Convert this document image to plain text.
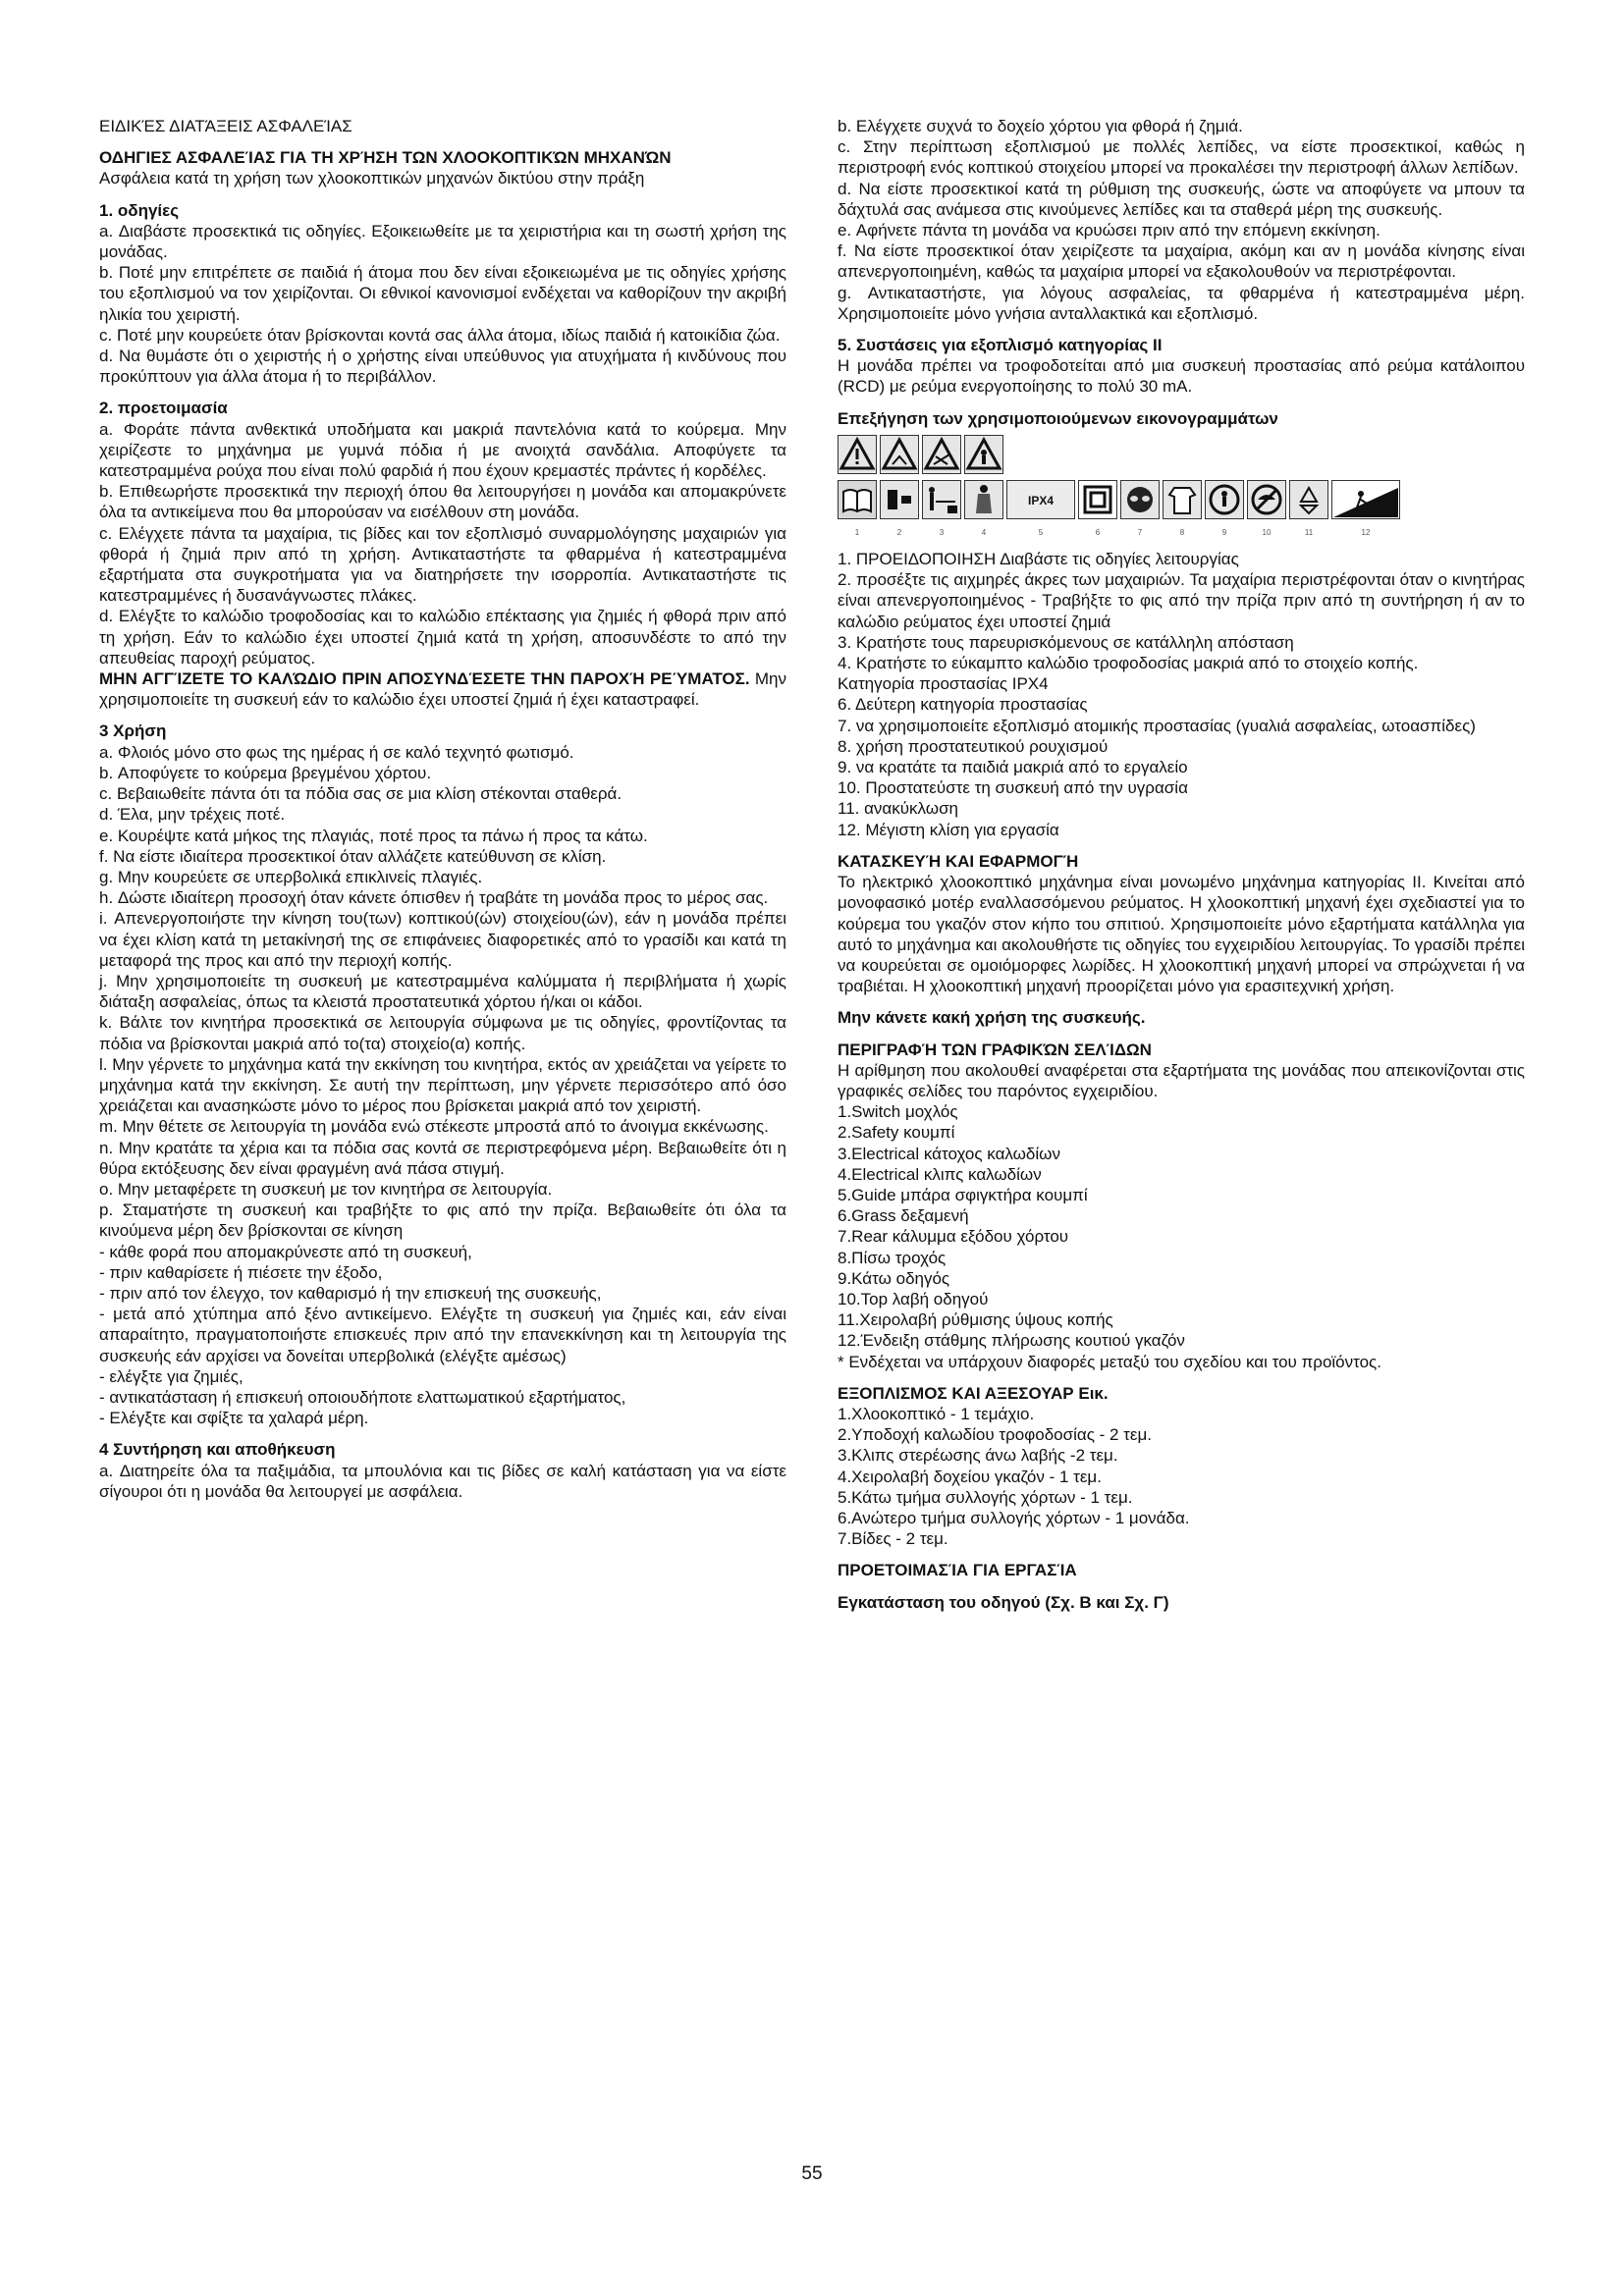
ΕΙΔΙΚΈΣ ΔΙΑΤΆΞΕΙΣ ΑΣΦΑΛΕΊΑΣ

ΟΔΗΓΙΕΣ ΑΣΦΑΛΕΊΑΣ ΓΙΑ ΤΗ ΧΡΉΣΗ ΤΩΝ ΧΛΟΟΚΟΠΤΙΚΏΝ ΜΗΧΑΝΏΝ

Ασφάλεια κατά τη χρήση των χλοοκοπτικών μηχανών δικτύου στην πράξη

1. οδηγίες

a. Διαβάστε προσεκτικά τις οδηγίες. Εξοικειωθείτε με τα χειριστήρια και τη σωστή χρήση της μονάδας.

b. Ποτέ μην επιτρέπετε σε παιδιά ή άτομα που δεν είναι εξοικειωμένα με τις οδηγίες χρήσης του εξοπλισμού να τον χειρίζονται. Οι εθνικοί κανονισμοί ενδέχεται να καθορίζουν την ακριβή ηλικία του χειριστή.

c. Ποτέ μην κουρεύετε όταν βρίσκονται κοντά σας άλλα άτομα, ιδίως παιδιά ή κατοικίδια ζώα.

d. Να θυμάστε ότι ο χειριστής ή ο χρήστης είναι υπεύθυνος για ατυχήματα ή κινδύνους που προκύπτουν για άλλα άτομα ή το περιβάλλον.

2. προετοιμασία

a. Φοράτε πάντα ανθεκτικά υποδήματα και μακριά παντελόνια κατά το κούρεμα. Μην χειρίζεστε το μηχάνημα με γυμνά πόδια ή με ανοιχτά σανδάλια. Αποφύγετε τα κατεστραμμένα ρούχα που είναι πολύ φαρδιά ή που έχουν κρεμαστές πράντες ή κορδέλες.

b. Επιθεωρήστε προσεκτικά την περιοχή όπου θα λειτουργήσει η μονάδα και απομακρύνετε όλα τα αντικείμενα που θα μπορούσαν να εισέλθουν στη μονάδα.

c. Ελέγχετε πάντα τα μαχαίρια, τις βίδες και τον εξοπλισμό συναρμολόγησης μαχαιριών για φθορά ή ζημιά πριν από τη χρήση. Αντικαταστήστε τα φθαρμένα ή κατεστραμμένα εξαρτήματα στα συγκροτήματα για να διατηρήσετε την ισορροπία. Αντικαταστήστε τις κατεστραμμένες ή δυσανάγνωστες πλάκες.

d. Ελέγξτε το καλώδιο τροφοδοσίας και το καλώδιο επέκτασης για ζημιές ή φθορά πριν από τη χρήση. Εάν το καλώδιο έχει υποστεί ζημιά κατά τη χρήση, αποσυνδέστε το από την απευθείας παροχή ρεύματος.

ΜΗΝ ΑΓΓΊΖΕΤΕ ΤΟ ΚΑΛΏΔΙΟ ΠΡΙΝ ΑΠΟΣΥΝΔΈΣΕΤΕ ΤΗΝ ΠΑΡΟΧΉ ΡΕΎΜΑΤΟΣ. Μην χρησιμοποιείτε τη συσκευή εάν το καλώδιο έχει υποστεί ζημιά ή έχει καταστραφεί.

3 Χρήση

a. Φλοιός μόνο στο φως της ημέρας ή σε καλό τεχνητό φωτισμό.

b. Αποφύγετε το κούρεμα βρεγμένου χόρτου.

c. Βεβαιωθείτε πάντα ότι τα πόδια σας σε μια κλίση στέκονται σταθερά.

d. Έλα, μην τρέχεις ποτέ.

e. Κουρέψτε κατά μήκος της πλαγιάς, ποτέ προς τα πάνω ή προς τα κάτω.

f. Να είστε ιδιαίτερα προσεκτικοί όταν αλλάζετε κατεύθυνση σε κλίση.

g. Μην κουρεύετε σε υπερβολικά επικλινείς πλαγιές.

h. Δώστε ιδιαίτερη προσοχή όταν κάνετε όπισθεν ή τραβάτε τη μονάδα προς το μέρος σας.

i. Απενεργοποιήστε την κίνηση του(των) κοπτικού(ών) στοιχείου(ών), εάν η μονάδα πρέπει να έχει κλίση κατά τη μετακίνησή της σε επιφάνειες διαφορετικές από το γρασίδι και κατά τη μεταφορά της προς και από την περιοχή κοπής.

j. Μην χρησιμοποιείτε τη συσκευή με κατεστραμμένα καλύμματα ή περιβλήματα ή χωρίς διάταξη ασφαλείας, όπως τα κλειστά προστατευτικά χόρτου ή/και οι κάδοι.

k. Βάλτε τον κινητήρα προσεκτικά σε λειτουργία σύμφωνα με τις οδηγίες, φροντίζοντας τα πόδια να βρίσκονται μακριά από το(τα) στοιχείο(α) κοπής.

l. Μην γέρνετε το μηχάνημα κατά την εκκίνηση του κινητήρα, εκτός αν χρειάζεται να γείρετε το μηχάνημα κατά την εκκίνηση. Σε αυτή την περίπτωση, μην γέρνετε περισσότερο από όσο χρειάζεται και ανασηκώστε μόνο το μέρος που βρίσκεται μακριά από τον χειριστή.

m. Μην θέτετε σε λειτουργία τη μονάδα ενώ στέκεστε μπροστά από το άνοιγμα εκκένωσης.

n. Μην κρατάτε τα χέρια και τα πόδια σας κοντά σε περιστρεφόμενα μέρη. Βεβαιωθείτε ότι η θύρα εκτόξευσης δεν είναι φραγμένη ανά πάσα στιγμή.

o. Μην μεταφέρετε τη συσκευή με τον κινητήρα σε λειτουργία.

p. Σταματήστε τη συσκευή και τραβήξτε το φις από την πρίζα. Βεβαιωθείτε ότι όλα τα κινούμενα μέρη δεν βρίσκονται σε κίνηση

- κάθε φορά που απομακρύνεστε από τη συσκευή,

- πριν καθαρίσετε ή πιέσετε την έξοδο,

- πριν από τον έλεγχο, τον καθαρισμό ή την επισκευή της συσκευής,

- μετά από χτύπημα από ξένο αντικείμενο. Ελέγξτε τη συσκευή για ζημιές και, εάν είναι απαραίτητο, πραγματοποιήστε επισκευές πριν από την επανεκκίνηση και τη λειτουργία της συσκευής εάν αρχίσει να δονείται υπερβολικά (ελέγξτε αμέσως)

- ελέγξτε για ζημιές,

- αντικατάσταση ή επισκευή οποιουδήποτε ελαττωματικού εξαρτήματος,

- Ελέγξτε και σφίξτε τα χαλαρά μέρη.

4 Συντήρηση και αποθήκευση

a. Διατηρείτε όλα τα παξιμάδια, τα μπουλόνια και τις βίδες σε καλή κατάσταση για να είστε σίγουροι ότι η μονάδα θα λειτουργεί με ασφάλεια.

b. Ελέγχετε συχνά το δοχείο χόρτου για φθορά ή ζημιά.

c. Στην περίπτωση εξοπλισμού με πολλές λεπίδες, να είστε προσεκτικοί, καθώς η περιστροφή ενός κοπτικού στοιχείου μπορεί να προκαλέσει την περιστροφή άλλων λεπίδων.

d. Να είστε προσεκτικοί κατά τη ρύθμιση της συσκευής, ώστε να αποφύγετε να μπουν τα δάχτυλά σας ανάμεσα στις κινούμενες λεπίδες και τα σταθερά μέρη της συσκευής.

e. Αφήνετε πάντα τη μονάδα να κρυώσει πριν από την επόμενη εκκίνηση.

f. Να είστε προσεκτικοί όταν χειρίζεστε τα μαχαίρια, ακόμη και αν η μονάδα κίνησης είναι απενεργοποιημένη, καθώς τα μαχαίρια μπορεί να εξακολουθούν να περιστρέφονται.

g. Αντικαταστήστε, για λόγους ασφαλείας, τα φθαρμένα ή κατεστραμμένα μέρη. Χρησιμοποιείτε μόνο γνήσια ανταλλακτικά και εξοπλισμό.

5. Συστάσεις για εξοπλισμό κατηγορίας II

Η μονάδα πρέπει να τροφοδοτείται από μια συσκευή προστασίας από ρεύμα κατάλοιπου (RCD) με ρεύμα ενεργοποίησης το πολύ 30 mA.

Επεξήγηση των χρησιμοποιούμενων εικονογραμμάτων

IPX4
1	2	3	4	5	6	7	8	9	10	11	12

1. ΠΡΟΕΙΔΟΠΟΙΗΣΗ Διαβάστε τις οδηγίες λειτουργίας

2. προσέξτε τις αιχμηρές άκρες των μαχαιριών. Τα μαχαίρια περιστρέφονται όταν ο κινητήρας είναι απενεργοποιημένος - Τραβήξτε το φις από την πρίζα πριν από τη συντήρηση ή αν το καλώδιο ρεύματος έχει υποστεί ζημιά

3. Κρατήστε τους παρευρισκόμενους σε κατάλληλη απόσταση

4. Κρατήστε το εύκαμπτο καλώδιο τροφοδοσίας μακριά από το στοιχείο κοπής.

Κατηγορία προστασίας IPX4

6. Δεύτερη κατηγορία προστασίας

7. να χρησιμοποιείτε εξοπλισμό ατομικής προστασίας (γυαλιά ασφαλείας, ωτοασπίδες)

8. χρήση προστατευτικού ρουχισμού

9. να κρατάτε τα παιδιά μακριά από το εργαλείο

10. Προστατεύστε τη συσκευή από την υγρασία

11. ανακύκλωση

12. Μέγιστη κλίση για εργασία

ΚΑΤΑΣΚΕΥΉ ΚΑΙ ΕΦΑΡΜΟΓΉ

Το ηλεκτρικό χλοοκοπτικό μηχάνημα είναι μονωμένο μηχάνημα κατηγορίας II. Κινείται από μονοφασικό μοτέρ εναλλασσόμενου ρεύματος. Η χλοοκοπτική μηχανή έχει σχεδιαστεί για το κούρεμα του γκαζόν στον κήπο του σπιτιού. Χρησιμοποιείτε μόνο εξαρτήματα κατάλληλα για αυτό το μηχάνημα και ακολουθήστε τις οδηγίες του εγχειριδίου λειτουργίας. Το γρασίδι πρέπει να κουρεύεται σε ομοιόμορφες λωρίδες. Η χλοοκοπτική μηχανή μπορεί να σπρώχνεται ή να τραβιέται. Η χλοοκοπτική μηχανή προορίζεται μόνο για ερασιτεχνική χρήση.

Μην κάνετε κακή χρήση της συσκευής.

ΠΕΡΙΓΡΑΦΉ ΤΩΝ ΓΡΑΦΙΚΏΝ ΣΕΛΊΔΩΝ

Η αρίθμηση που ακολουθεί αναφέρεται στα εξαρτήματα της μονάδας που απεικονίζονται στις γραφικές σελίδες του παρόντος εγχειριδίου.

1.Switch μοχλός

2.Safety κουμπί

3.Electrical κάτοχος καλωδίων

4.Electrical κλιπς καλωδίων

5.Guide μπάρα σφιγκτήρα κουμπί

6.Grass δεξαμενή

7.Rear κάλυμμα εξόδου χόρτου

8.Πίσω τροχός

9.Κάτω οδηγός

10.Top λαβή οδηγού

11.Χειρολαβή ρύθμισης ύψους κοπής

12.Ένδειξη στάθμης πλήρωσης κουτιού γκαζόν

* Ενδέχεται να υπάρχουν διαφορές μεταξύ του σχεδίου και του προϊόντος.

ΕΞΟΠΛΙΣΜΟΣ ΚΑΙ ΑΞΕΣΟΥΑΡ Εικ.

1.Χλοοκοπτικό - 1 τεμάχιο.

2.Υποδοχή καλωδίου τροφοδοσίας - 2 τεμ.

3.Κλιπς στερέωσης άνω λαβής -2 τεμ.

4.Χειρολαβή δοχείου γκαζόν - 1 τεμ.

5.Κάτω τμήμα συλλογής χόρτων - 1 τεμ.

6.Ανώτερο τμήμα συλλογής χόρτων - 1 μονάδα.

7.Βίδες - 2 τεμ.

ΠΡΟΕΤΟΙΜΑΣΊΑ ΓΙΑ ΕΡΓΑΣΊΑ

Εγκατάσταση του οδηγού (Σχ. Β και Σχ. Γ)

55
